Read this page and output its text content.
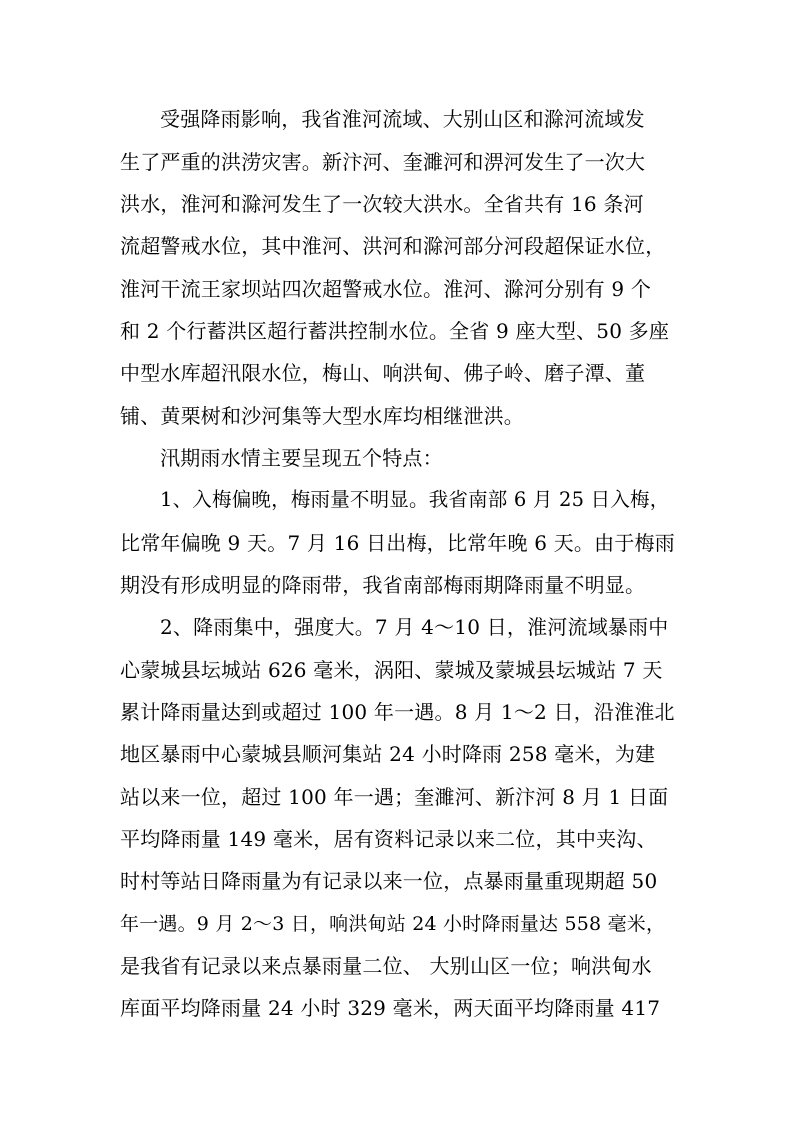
受强降雨影响，我省淮河流域、大别山区和滁河流域发
生了严重的洪涝灾害。新汴河、奎濉河和淠河发生了一次大
洪水，淮河和滁河发生了一次较大洪水。全省共有 16 条河
流超警戒水位，其中淮河、洪河和滁河部分河段超保证水位，
淮河干流王家坝站四次超警戒水位。淮河、滁河分别有 9 个
和 2 个行蓄洪区超行蓄洪控制水位。全省 9 座大型、50 多座
中型水库超汛限水位，梅山、响洪甸、佛子岭、磨子潭、董
铺、黄栗树和沙河集等大型水库均相继泄洪。
汛期雨水情主要呈现五个特点：
1、入梅偏晚，梅雨量不明显。我省南部 6 月 25 日入梅，
比常年偏晚 9 天。7 月 16 日出梅，比常年晚 6 天。由于梅雨
期没有形成明显的降雨带，我省南部梅雨期降雨量不明显。
2、降雨集中，强度大。7 月 4～10 日，淮河流域暴雨中
心蒙城县坛城站 626 毫米，涡阳、蒙城及蒙城县坛城站 7 天
累计降雨量达到或超过 100 年一遇。8 月 1～2 日，沿淮淮北
地区暴雨中心蒙城县顺河集站 24 小时降雨 258 毫米，为建
站以来一位，超过 100 年一遇；奎濉河、新汴河 8 月 1 日面
平均降雨量 149 毫米，居有资料记录以来二位，其中夹沟、
时村等站日降雨量为有记录以来一位，点暴雨量重现期超 50
年一遇。9 月 2～3 日，响洪甸站 24 小时降雨量达 558 毫米，
是我省有记录以来点暴雨量二位、 大别山区一位；响洪甸水
库面平均降雨量 24 小时 329 毫米，两天面平均降雨量 417
